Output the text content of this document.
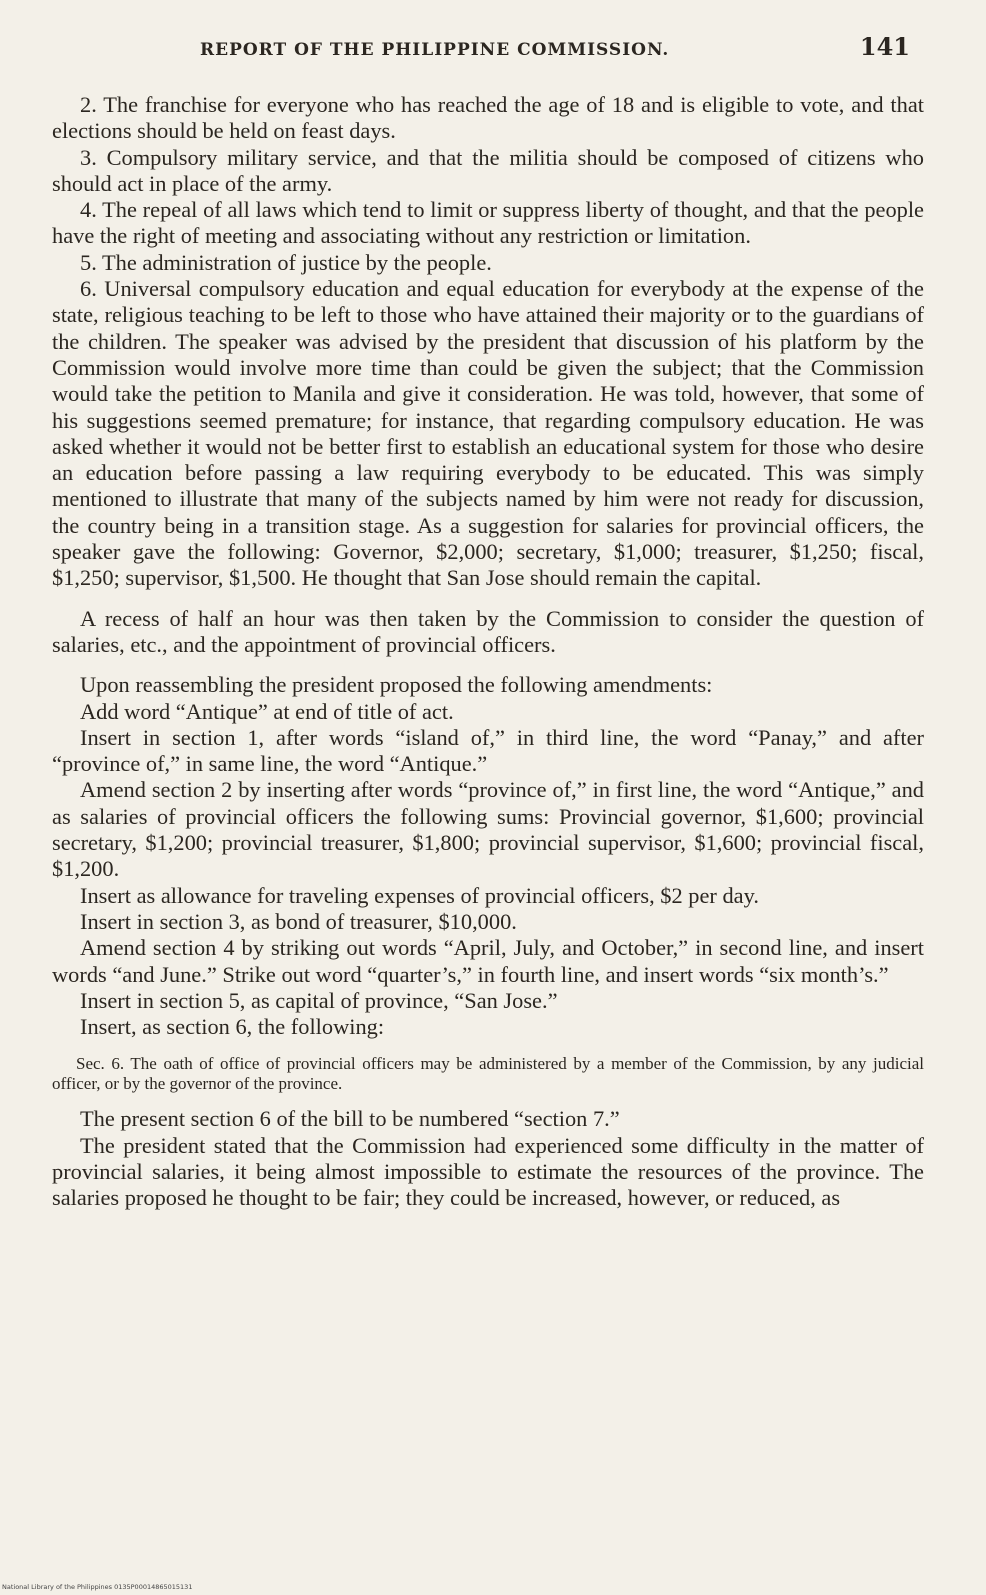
REPORT OF THE PHILIPPINE COMMISSION.	141

2. The franchise for everyone who has reached the age of 18 and is eligible to vote, and that elections should be held on feast days.

3. Compulsory military service, and that the militia should be composed of citizens who should act in place of the army.

4. The repeal of all laws which tend to limit or suppress liberty of thought, and that the people have the right of meeting and associating without any restriction or limitation.

5. The administration of justice by the people.

6. Universal compulsory education and equal education for everybody at the expense of the state, religious teaching to be left to those who have attained their majority or to the guardians of the children. The speaker was advised by the president that discussion of his platform by the Commission would involve more time than could be given the subject; that the Commission would take the petition to Manila and give it consideration. He was told, however, that some of his suggestions seemed premature; for instance, that regarding compulsory education. He was asked whether it would not be better first to establish an educational system for those who desire an education before passing a law requiring everybody to be educated. This was simply mentioned to illustrate that many of the subjects named by him were not ready for discussion, the country being in a transition stage. As a suggestion for salaries for provincial officers, the speaker gave the following: Governor, $2,000; secretary, $1,000; treasurer, $1,250; fiscal, $1,250; supervisor, $1,500. He thought that San Jose should remain the capital.

A recess of half an hour was then taken by the Commission to consider the question of salaries, etc., and the appointment of provincial officers.

Upon reassembling the president proposed the following amendments:

Add word “Antique” at end of title of act.

Insert in section 1, after words “island of,” in third line, the word “Panay,” and after “province of,” in same line, the word “Antique.”

Amend section 2 by inserting after words “province of,” in first line, the word “Antique,” and as salaries of provincial officers the following sums: Provincial governor, $1,600; provincial secretary, $1,200; provincial treasurer, $1,800; provincial supervisor, $1,600; provincial fiscal, $1,200.

Insert as allowance for traveling expenses of provincial officers, $2 per day.

Insert in section 3, as bond of treasurer, $10,000.

Amend section 4 by striking out words “April, July, and October,” in second line, and insert words “and June.” Strike out word “quarter’s,” in fourth line, and insert words “six month’s.”

Insert in section 5, as capital of province, “San Jose.”

Insert, as section 6, the following:

Sec. 6. The oath of office of provincial officers may be administered by a member of the Commission, by any judicial officer, or by the governor of the province.

The present section 6 of the bill to be numbered “section 7.”

The president stated that the Commission had experienced some difficulty in the matter of provincial salaries, it being almost impossible to estimate the resources of the province. The salaries proposed he thought to be fair; they could be increased, however, or reduced, as

National Library of the Philippines 0135P00014865015131
